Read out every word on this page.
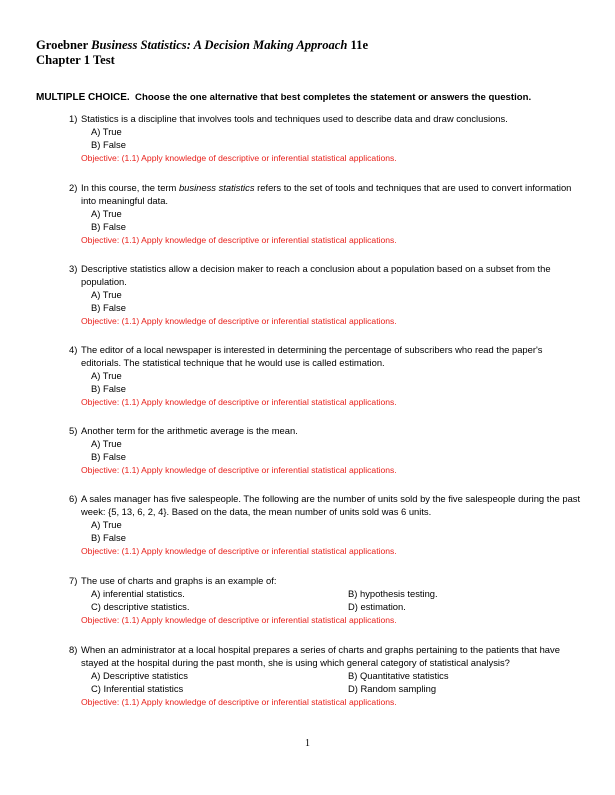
Groebner Business Statistics: A Decision Making Approach 11e
Chapter 1 Test
MULTIPLE CHOICE.  Choose the one alternative that best completes the statement or answers the question.
1) Statistics is a discipline that involves tools and techniques used to describe data and draw conclusions.
A) True
B) False
Objective: (1.1) Apply knowledge of descriptive or inferential statistical applications.
2) In this course, the term business statistics refers to the set of tools and techniques that are used to convert information into meaningful data.
A) True
B) False
Objective: (1.1) Apply knowledge of descriptive or inferential statistical applications.
3) Descriptive statistics allow a decision maker to reach a conclusion about a population based on a subset from the population.
A) True
B) False
Objective: (1.1) Apply knowledge of descriptive or inferential statistical applications.
4) The editor of a local newspaper is interested in determining the percentage of subscribers who read the paper's editorials. The statistical technique that he would use is called estimation.
A) True
B) False
Objective: (1.1) Apply knowledge of descriptive or inferential statistical applications.
5) Another term for the arithmetic average is the mean.
A) True
B) False
Objective: (1.1) Apply knowledge of descriptive or inferential statistical applications.
6) A sales manager has five salespeople. The following are the number of units sold by the five salespeople during the past week: {5, 13, 6, 2, 4}. Based on the data, the mean number of units sold was 6 units.
A) True
B) False
Objective: (1.1) Apply knowledge of descriptive or inferential statistical applications.
7) The use of charts and graphs is an example of:
A) inferential statistics.	B) hypothesis testing.
C) descriptive statistics.	D) estimation.
Objective: (1.1) Apply knowledge of descriptive or inferential statistical applications.
8) When an administrator at a local hospital prepares a series of charts and graphs pertaining to the patients that have stayed at the hospital during the past month, she is using which general category of statistical analysis?
A) Descriptive statistics	B) Quantitative statistics
C) Inferential statistics	D) Random sampling
Objective: (1.1) Apply knowledge of descriptive or inferential statistical applications.
1
